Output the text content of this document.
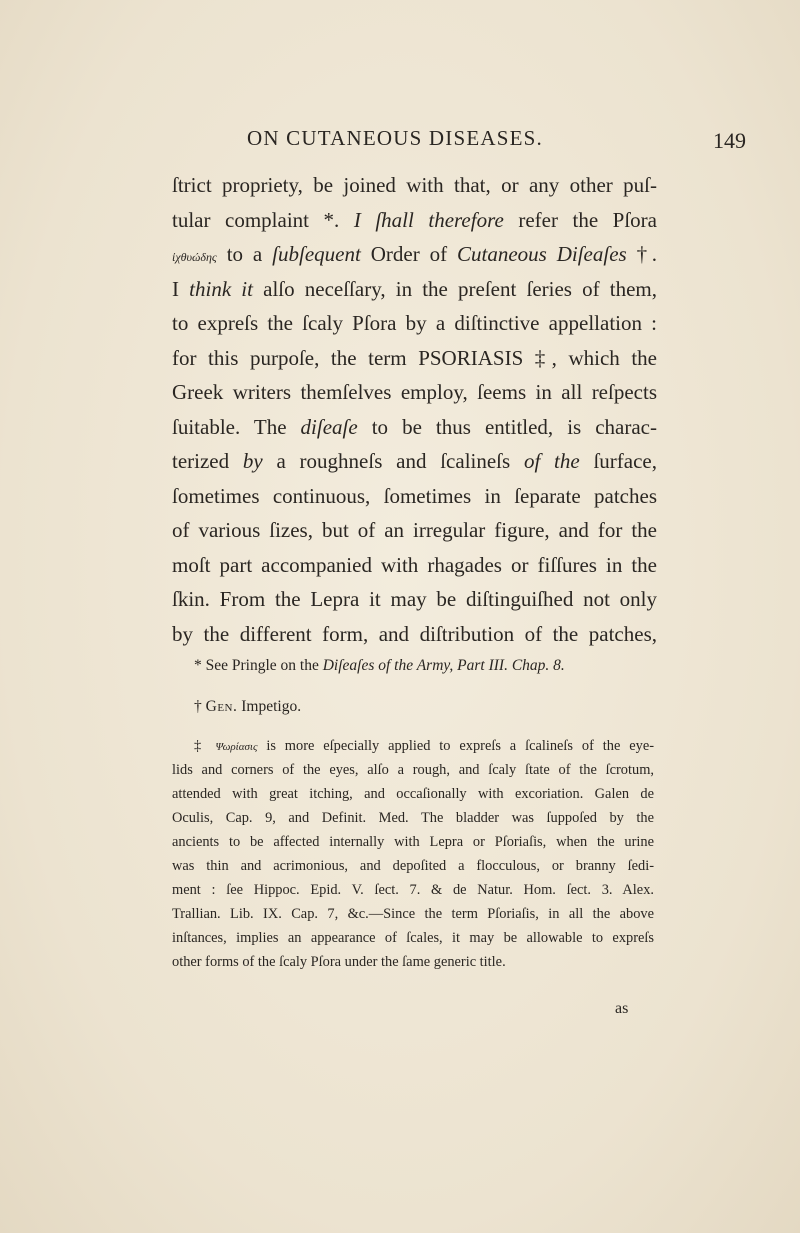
ON CUTANEOUS DISEASES.	149
ſtrict propriety, be joined with that, or any other puſ-
tular complaint *. I ſhall therefore refer the Pſora
ἰχθυώδης to a ſubſequent Order of Cutaneous Diſeaſes †.
I think it alſo neceſſary, in the preſent ſeries of them,
to expreſs the ſcaly Pſora by a diſtinctive appellation :
for this purpoſe, the term PSORIASIS ‡, which the
Greek writers themſelves employ, ſeems in all reſpects
ſuitable. The diſeaſe to be thus entitled, is charac-
terized by a roughneſs and ſcalineſs of the ſurface,
ſometimes continuous, ſometimes in ſeparate patches
of various ſizes, but of an irregular figure, and for the
moſt part accompanied with rhagades or fiſſures in the
ſkin. From the Lepra it may be diſtinguiſhed not only
by the different form, and diſtribution of the patches,
* See Pringle on the Diſeaſes of the Army, Part III. Chap. 8.
† Gen. Impetigo.
‡ Ψωρίασις is more eſpecially applied to expreſs a ſcalineſs of the eye-
lids and corners of the eyes, alſo a rough, and ſcaly ſtate of the ſcrotum,
attended with great itching, and occaſionally with excoriation. Galen de
Oculis, Cap. 9, and Definit. Med. The bladder was ſuppoſed by the
ancients to be affected internally with Lepra or Pſoriaſis, when the urine
was thin and acrimonious, and depoſited a flocculous, or branny ſedi-
ment : ſee Hippoc. Epid. V. ſect. 7. & de Natur. Hom. ſect. 3. Alex.
Trallian. Lib. IX. Cap. 7, &c.—Since the term Pſoriaſis, in all the above
inſtances, implies an appearance of ſcales, it may be allowable to expreſs
other forms of the ſcaly Pſora under the ſame generic title.
as
